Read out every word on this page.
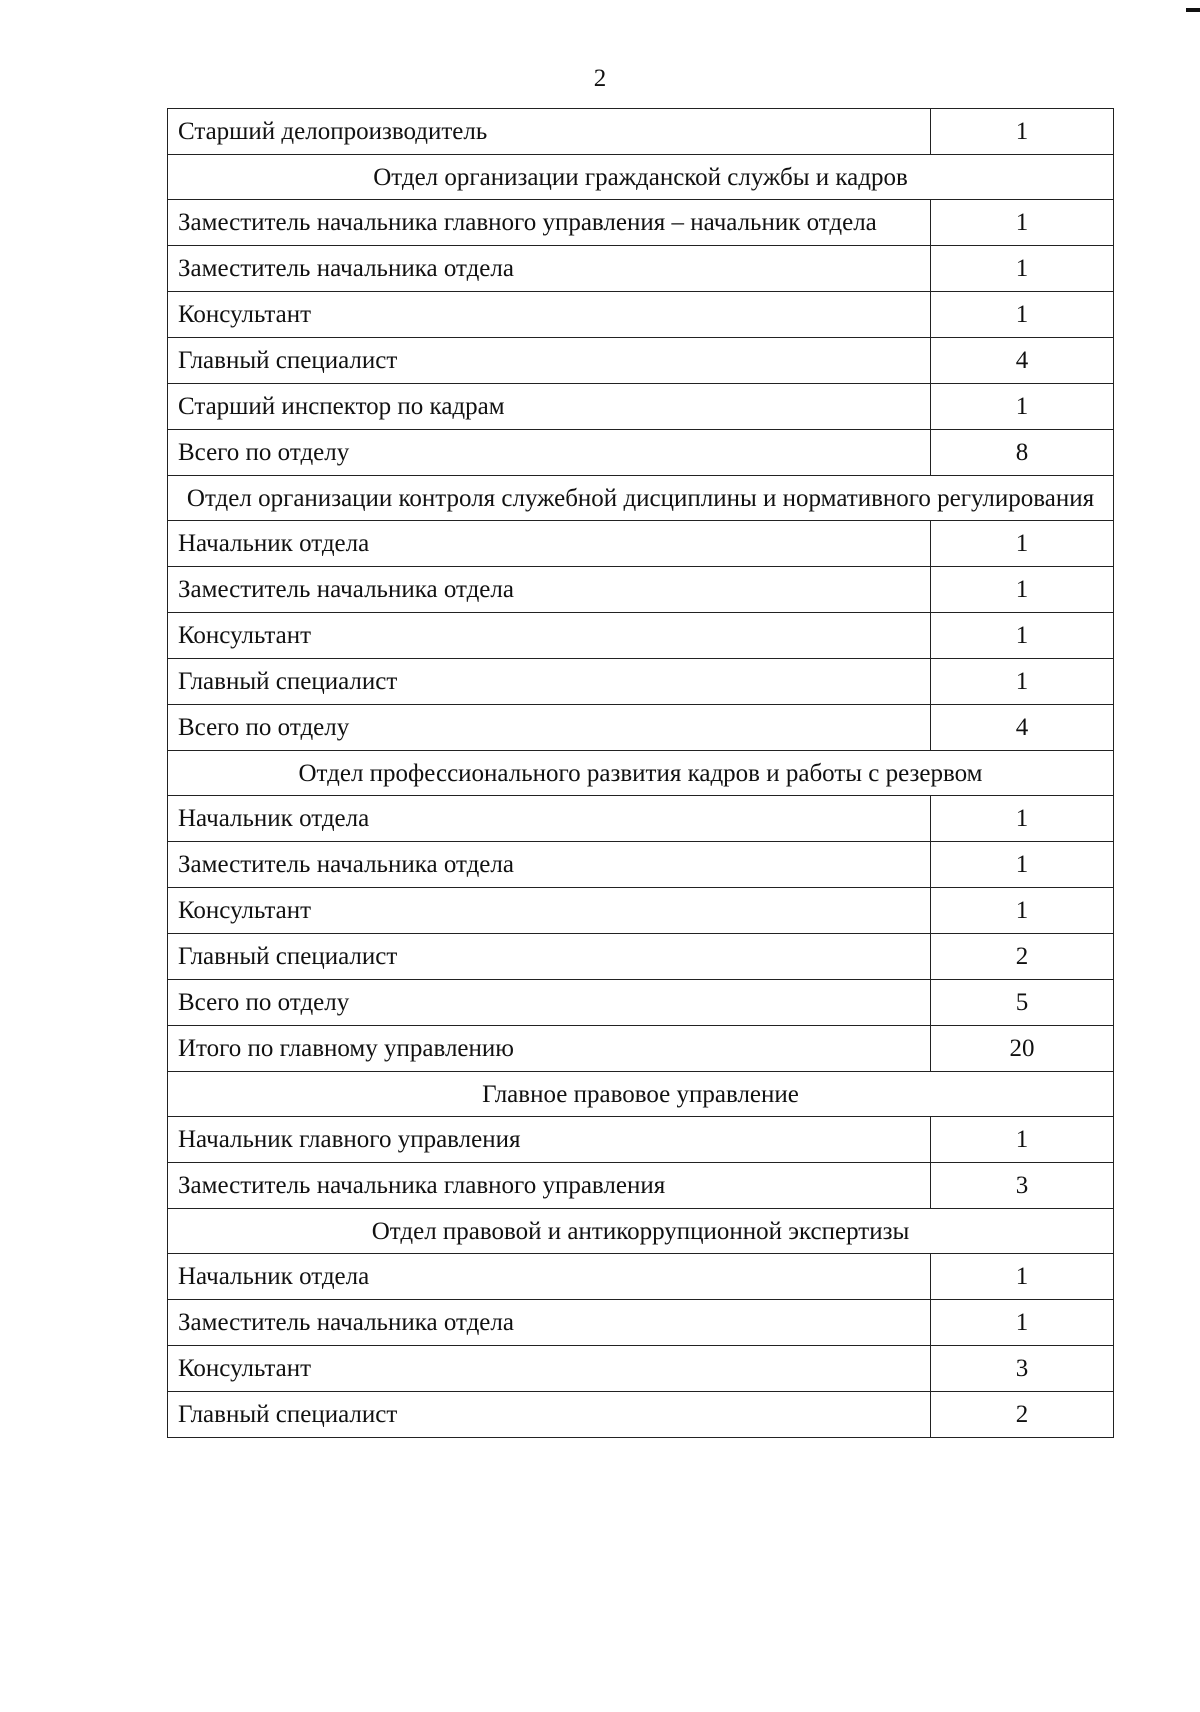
2
Старший делопроизводитель	1
Отдел организации гражданской службы и кадров	
Заместитель начальника главного управления – начальник отдела	1
Заместитель начальника отдела	1
Консультант	1
Главный специалист	4
Старший инспектор по кадрам	1
Всего по отделу	8
Отдел организации контроля служебной дисциплины и нормативного регулирования	
Начальник отдела	1
Заместитель начальника отдела	1
Консультант	1
Главный специалист	1
Всего по отделу	4
Отдел профессионального развития кадров и работы с резервом	
Начальник отдела	1
Заместитель начальника отдела	1
Консультант	1
Главный специалист	2
Всего по отделу	5
Итого по главному управлению	20
Главное правовое управление	
Начальник главного управления	1
Заместитель начальника главного управления	3
Отдел правовой и антикоррупционной экспертизы	
Начальник отдела	1
Заместитель начальника отдела	1
Консультант	3
Главный специалист	2
